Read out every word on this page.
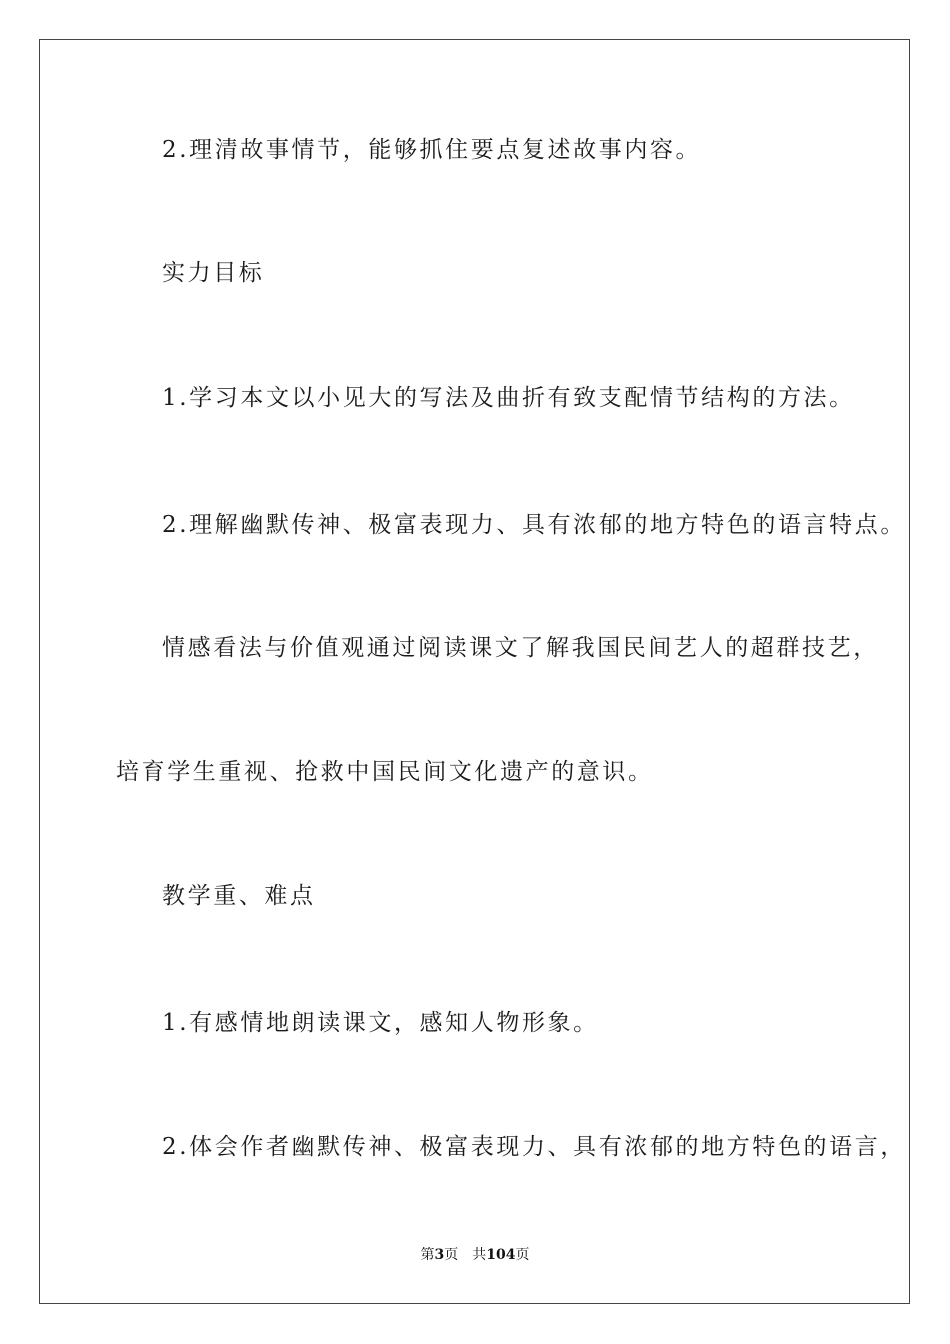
2.理清故事情节，能够抓住要点复述故事内容。
实力目标
1.学习本文以小见大的写法及曲折有致支配情节结构的方法。
2.理解幽默传神、极富表现力、具有浓郁的地方特色的语言特点。
情感看法与价值观通过阅读课文了解我国民间艺人的超群技艺，
培育学生重视、抢救中国民间文化遗产的意识。
教学重、难点
1.有感情地朗读课文，感知人物形象。
2.体会作者幽默传神、极富表现力、具有浓郁的地方特色的语言，
第3页 共104页
